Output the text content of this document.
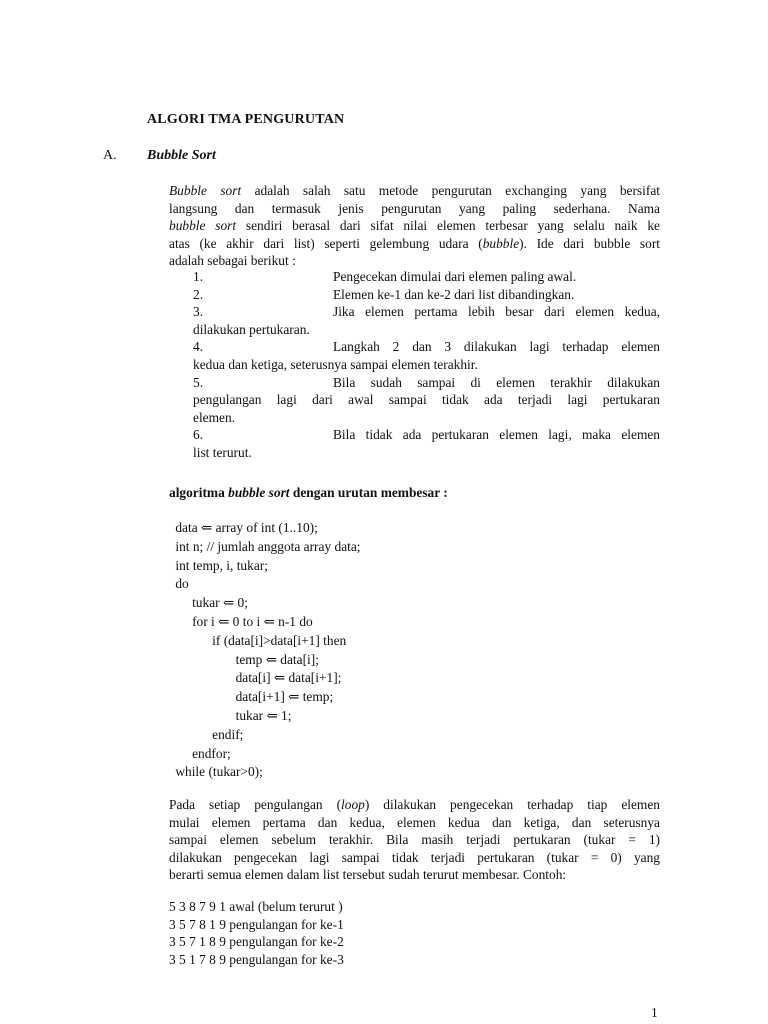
ALGORI TMA PENGURUTAN
A. Bubble Sort
Bubble sort adalah salah satu metode pengurutan exchanging yang bersifat
langsung dan termasuk jenis pengurutan yang paling sederhana. Nama
bubble sort sendiri berasal dari sifat nilai elemen terbesar yang selalu naik ke
atas (ke akhir dari list) seperti gelembung udara (bubble). Ide dari bubble sort
adalah sebagai berikut :
1.	Pengecekan dimulai dari elemen paling awal.
2.	Elemen ke-1 dan ke-2 dari list dibandingkan.
3.	Jika elemen pertama lebih besar dari elemen kedua,
dilakukan pertukaran.
4.	Langkah 2 dan 3 dilakukan lagi terhadap elemen
kedua dan ketiga, seterusnya sampai elemen terakhir.
5.	Bila sudah sampai di elemen terakhir dilakukan
pengulangan lagi dari awal sampai tidak ada terjadi lagi pertukaran
elemen.
6.	Bila tidak ada pertukaran elemen lagi, maka elemen
list terurut.
algoritma bubble sort dengan urutan membesar :
data ⇐ array of int (1..10);
int n; // jumlah anggota array data;
int temp, i, tukar;
do
tukar ⇐ 0;
for i ⇐ 0 to i ⇐ n-1 do
if (data[i]>data[i+1] then
temp ⇐ data[i];
data[i] ⇐ data[i+1];
data[i+1] ⇐ temp;
tukar ⇐ 1;
endif;
endfor;
while (tukar>0);
Pada setiap pengulangan (loop) dilakukan pengecekan terhadap tiap elemen
mulai elemen pertama dan kedua, elemen kedua dan ketiga, dan seterusnya
sampai elemen sebelum terakhir. Bila masih terjadi pertukaran (tukar = 1)
dilakukan pengecekan lagi sampai tidak terjadi pertukaran (tukar = 0) yang
berarti semua elemen dalam list tersebut sudah terurut membesar. Contoh:
5 3 8 7 9 1 awal (belum terurut )
3 5 7 8 1 9 pengulangan for ke-1
3 5 7 1 8 9 pengulangan for ke-2
3 5 1 7 8 9 pengulangan for ke-3
1
